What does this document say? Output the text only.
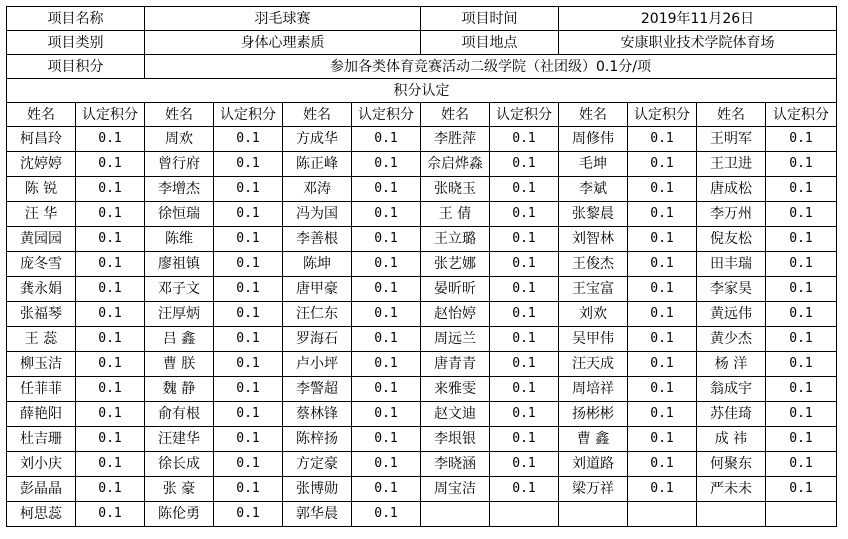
项目名称		羽毛球赛				项目时间		2019年11月26日			
项目类别		身体心理素质				项目地点		安康职业技术学院体育场			
项目积分		参加各类体育竞赛活动二级学院（社团级）0.1分/项									
积分认定											
姓名	认定积分	姓名	认定积分	姓名	认定积分	姓名	认定积分	姓名	认定积分	姓名	认定积分
柯昌玲	0.1	周欢	0.1	方成华	0.1	李胜萍	0.1	周修伟	0.1	王明军	0.1
沈婷婷	0.1	曾行府	0.1	陈正峰	0.1	佘启烨淼	0.1	毛坤	0.1	王卫进	0.1
陈 锐	0.1	李增杰	0.1	邓涛	0.1	张晓玉	0.1	李斌	0.1	唐成松	0.1
汪 华	0.1	徐恒瑞	0.1	冯为国	0.1	王 倩	0.1	张黎晨	0.1	李万州	0.1
黄园园	0.1	陈维	0.1	李善根	0.1	王立璐	0.1	刘智林	0.1	倪友松	0.1
庞冬雪	0.1	廖祖镇	0.1	陈坤	0.1	张艺娜	0.1	王俊杰	0.1	田丰瑞	0.1
龚永娟	0.1	邓子文	0.1	唐甲豪	0.1	晏昕昕	0.1	王宝富	0.1	李家昊	0.1
张福琴	0.1	汪厚炳	0.1	汪仁东	0.1	赵怡婷	0.1	刘欢	0.1	黄远伟	0.1
王 蕊	0.1	吕 鑫	0.1	罗海石	0.1	周远兰	0.1	吴甲伟	0.1	黄少杰	0.1
柳玉洁	0.1	曹 朕	0.1	卢小坪	0.1	唐青青	0.1	汪天成	0.1	杨 洋	0.1
任菲菲	0.1	魏 静	0.1	李警超	0.1	来雅雯	0.1	周培祥	0.1	翁成宇	0.1
薛艳阳	0.1	俞有根	0.1	蔡林锋	0.1	赵文迪	0.1	扬彬彬	0.1	苏佳琦	0.1
杜吉珊	0.1	汪建华	0.1	陈梓扬	0.1	李垠银	0.1	曹 鑫	0.1	成 祎	0.1
刘小庆	0.1	徐长成	0.1	方定豪	0.1	李晓涵	0.1	刘道路	0.1	何聚东	0.1
彭晶晶	0.1	张 豪	0.1	张博勋	0.1	周宝洁	0.1	梁万祥	0.1	严未未	0.1
柯思蕊	0.1	陈伦勇	0.1	郭华晨	0.1						
